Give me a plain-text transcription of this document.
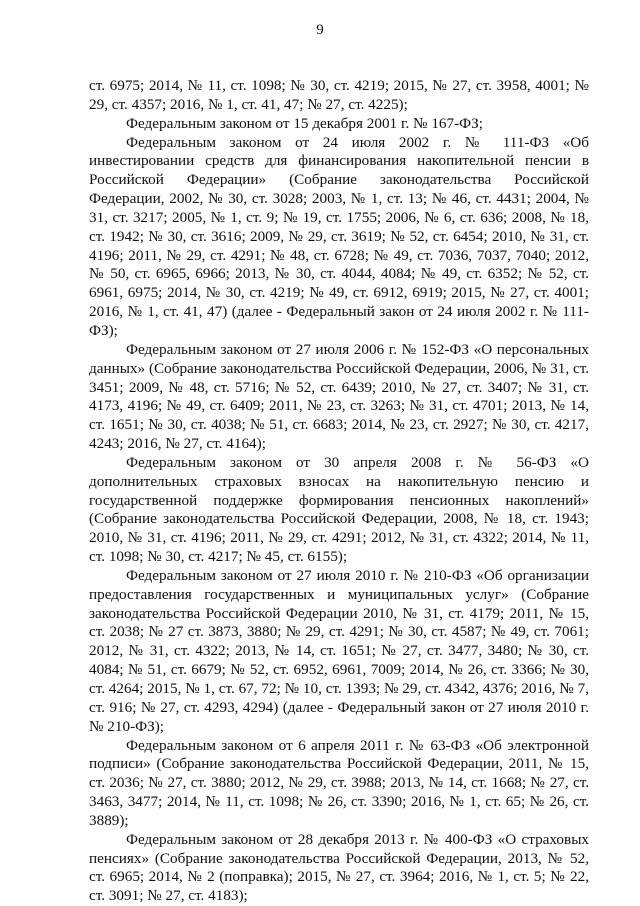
9

ст. 6975; 2014, № 11, ст. 1098; № 30, ст. 4219; 2015, № 27, ст. 3958, 4001; № 29, ст. 4357; 2016, № 1, ст. 41, 47; № 27, ст. 4225);

Федеральным законом от 15 декабря 2001 г. № 167-ФЗ;

Федеральным законом от 24 июля 2002 г. № 111-ФЗ «Об инвестировании средств для финансирования накопительной пенсии в Российской Федерации» (Собрание законодательства Российской Федерации, 2002, № 30, ст. 3028; 2003, № 1, ст. 13; № 46, ст. 4431; 2004, № 31, ст. 3217; 2005, № 1, ст. 9; № 19, ст. 1755; 2006, № 6, ст. 636; 2008, № 18, ст. 1942; № 30, ст. 3616; 2009, № 29, ст. 3619; № 52, ст. 6454; 2010, № 31, ст. 4196; 2011, № 29, ст. 4291; № 48, ст. 6728; № 49, ст. 7036, 7037, 7040; 2012, № 50, ст. 6965, 6966; 2013, № 30, ст. 4044, 4084; № 49, ст. 6352; № 52, ст. 6961, 6975; 2014, № 30, ст. 4219; № 49, ст. 6912, 6919; 2015, № 27, ст. 4001; 2016, № 1, ст. 41, 47) (далее - Федеральный закон от 24 июля 2002 г. № 111-ФЗ);

Федеральным законом от 27 июля 2006 г. № 152-ФЗ «О персональных данных» (Собрание законодательства Российской Федерации, 2006, № 31, ст. 3451; 2009, № 48, ст. 5716; № 52, ст. 6439; 2010, № 27, ст. 3407; № 31, ст. 4173, 4196; № 49, ст. 6409; 2011, № 23, ст. 3263; № 31, ст. 4701; 2013, № 14, ст. 1651; № 30, ст. 4038; № 51, ст. 6683; 2014, № 23, ст. 2927; № 30, ст. 4217, 4243; 2016, № 27, ст. 4164);

Федеральным законом от 30 апреля 2008 г. № 56-ФЗ «О дополнительных страховых взносах на накопительную пенсию и государственной поддержке формирования пенсионных накоплений» (Собрание законодательства Российской Федерации, 2008, № 18, ст. 1943; 2010, № 31, ст. 4196; 2011, № 29, ст. 4291; 2012, № 31, ст. 4322; 2014, № 11, ст. 1098; № 30, ст. 4217; № 45, ст. 6155);

Федеральным законом от 27 июля 2010 г. № 210-ФЗ «Об организации предоставления государственных и муниципальных услуг» (Собрание законодательства Российской Федерации 2010, № 31, ст. 4179; 2011, № 15, ст. 2038; № 27 ст. 3873, 3880; № 29, ст. 4291; № 30, ст. 4587; № 49, ст. 7061; 2012, № 31, ст. 4322; 2013, № 14, ст. 1651; № 27, ст. 3477, 3480; № 30, ст. 4084; № 51, ст. 6679; № 52, ст. 6952, 6961, 7009; 2014, № 26, ст. 3366; № 30, ст. 4264; 2015, № 1, ст. 67, 72; № 10, ст. 1393; № 29, ст. 4342, 4376; 2016, № 7, ст. 916; № 27, ст. 4293, 4294) (далее - Федеральный закон от 27 июля 2010 г. № 210-ФЗ);

Федеральным законом от 6 апреля 2011 г. № 63-ФЗ «Об электронной подписи» (Собрание законодательства Российской Федерации, 2011, № 15, ст. 2036; № 27, ст. 3880; 2012, № 29, ст. 3988; 2013, № 14, ст. 1668; № 27, ст. 3463, 3477; 2014, № 11, ст. 1098; № 26, ст. 3390; 2016, № 1, ст. 65; № 26, ст. 3889);

Федеральным законом от 28 декабря 2013 г. № 400-ФЗ «О страховых пенсиях» (Собрание законодательства Российской Федерации, 2013, № 52, ст. 6965; 2014, № 2 (поправка); 2015, № 27, ст. 3964; 2016, № 1, ст. 5; № 22, ст. 3091; № 27, ст. 4183);
